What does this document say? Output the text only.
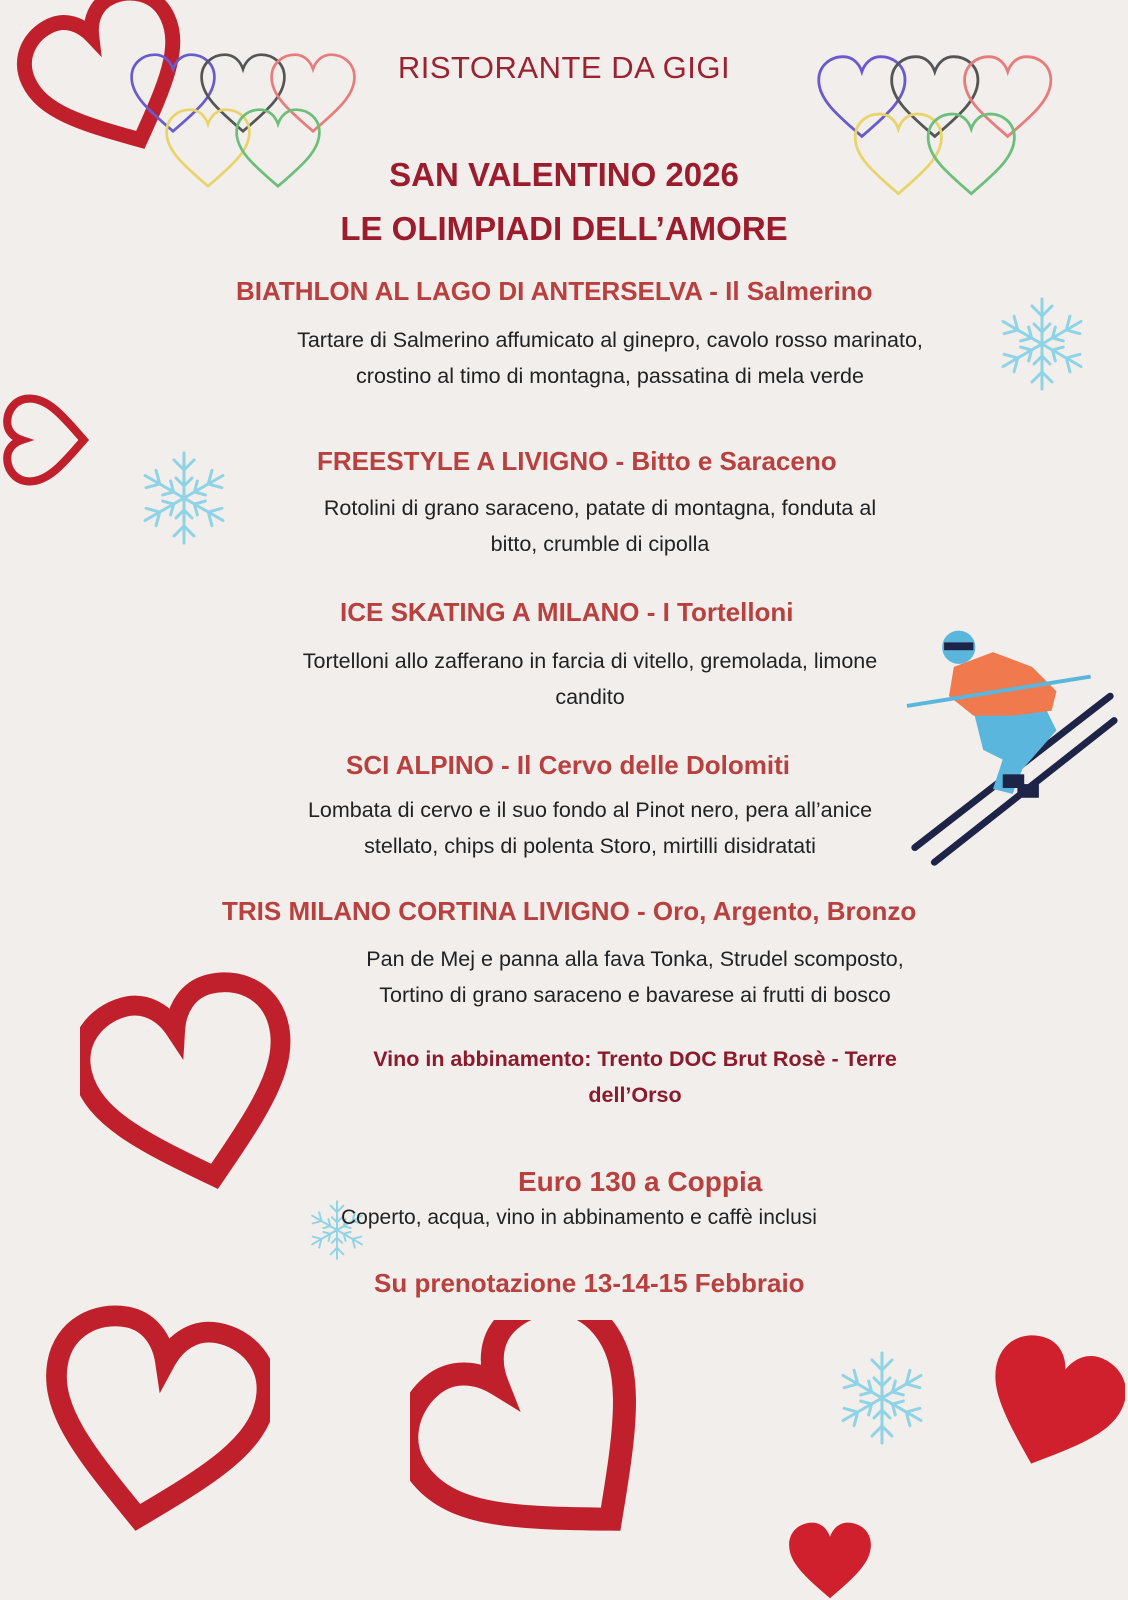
RISTORANTE DA GIGI
SAN VALENTINO 2026
LE OLIMPIADI DELL’AMORE
BIATHLON AL LAGO DI ANTERSELVA - Il Salmerino
Tartare di Salmerino affumicato al ginepro, cavolo rosso marinato,
crostino al timo di montagna, passatina di mela verde
FREESTYLE A LIVIGNO - Bitto e Saraceno
Rotolini di grano saraceno, patate di montagna, fonduta al
bitto, crumble di cipolla
ICE SKATING A MILANO - I Tortelloni
Tortelloni allo zafferano in farcia di vitello, gremolada, limone
candito
SCI ALPINO - Il Cervo delle Dolomiti
Lombata di cervo e il suo fondo al Pinot nero, pera all’anice
stellato, chips di polenta Storo, mirtilli disidratati
TRIS MILANO CORTINA LIVIGNO - Oro, Argento, Bronzo
Pan de Mej e panna alla fava Tonka, Strudel scomposto,
Tortino di grano saraceno e bavarese ai frutti di bosco
Vino in abbinamento: Trento DOC Brut Rosè - Terre
dell’Orso
Euro 130 a Coppia
Coperto, acqua, vino in abbinamento e caffè inclusi
Su prenotazione 13-14-15 Febbraio
